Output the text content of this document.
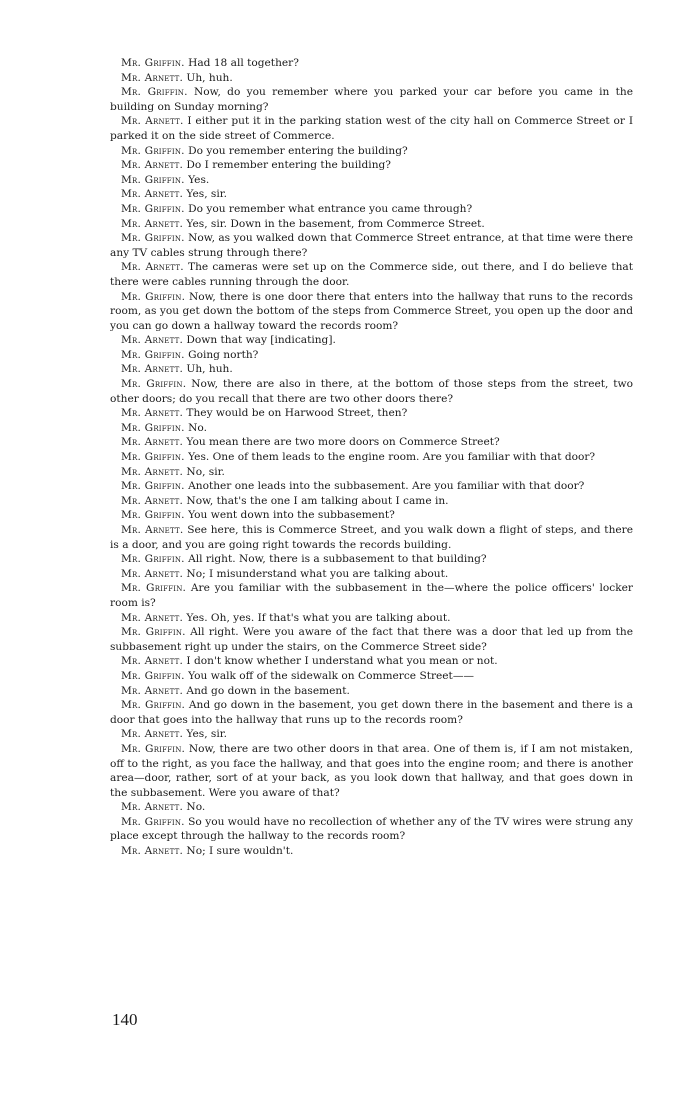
Mr. Griffin. Had 18 all together?

Mr. Arnett. Uh, huh.

Mr. Griffin. Now, do you remember where you parked your car before you came in the building on Sunday morning?

Mr. Arnett. I either put it in the parking station west of the city hall on Commerce Street or I parked it on the side street of Commerce.

Mr. Griffin. Do you remember entering the building?

Mr. Arnett. Do I remember entering the building?

Mr. Griffin. Yes.

Mr. Arnett. Yes, sir.

Mr. Griffin. Do you remember what entrance you came through?

Mr. Arnett. Yes, sir. Down in the basement, from Commerce Street.

Mr. Griffin. Now, as you walked down that Commerce Street entrance, at that time were there any TV cables strung through there?

Mr. Arnett. The cameras were set up on the Commerce side, out there, and I do believe that there were cables running through the door.

Mr. Griffin. Now, there is one door there that enters into the hallway that runs to the records room, as you get down the bottom of the steps from Commerce Street, you open up the door and you can go down a hallway toward the records room?

Mr. Arnett. Down that way [indicating].

Mr. Griffin. Going north?

Mr. Arnett. Uh, huh.

Mr. Griffin. Now, there are also in there, at the bottom of those steps from the street, two other doors; do you recall that there are two other doors there?

Mr. Arnett. They would be on Harwood Street, then?

Mr. Griffin. No.

Mr. Arnett. You mean there are two more doors on Commerce Street?

Mr. Griffin. Yes. One of them leads to the engine room. Are you familiar with that door?

Mr. Arnett. No, sir.

Mr. Griffin. Another one leads into the subbasement. Are you familiar with that door?

Mr. Arnett. Now, that's the one I am talking about I came in.

Mr. Griffin. You went down into the subbasement?

Mr. Arnett. See here, this is Commerce Street, and you walk down a flight of steps, and there is a door, and you are going right towards the records building.

Mr. Griffin. All right. Now, there is a subbasement to that building?

Mr. Arnett. No; I misunderstand what you are talking about.

Mr. Griffin. Are you familiar with the subbasement in the—where the police officers' locker room is?

Mr. Arnett. Yes. Oh, yes. If that's what you are talking about.

Mr. Griffin. All right. Were you aware of the fact that there was a door that led up from the subbasement right up under the stairs, on the Commerce Street side?

Mr. Arnett. I don't know whether I understand what you mean or not.

Mr. Griffin. You walk off of the sidewalk on Commerce Street——

Mr. Arnett. And go down in the basement.

Mr. Griffin. And go down in the basement, you get down there in the basement and there is a door that goes into the hallway that runs up to the records room?

Mr. Arnett. Yes, sir.

Mr. Griffin. Now, there are two other doors in that area. One of them is, if I am not mistaken, off to the right, as you face the hallway, and that goes into the engine room; and there is another area—door, rather, sort of at your back, as you look down that hallway, and that goes down in the subbasement. Were you aware of that?

Mr. Arnett. No.

Mr. Griffin. So you would have no recollection of whether any of the TV wires were strung any place except through the hallway to the records room?

Mr. Arnett. No; I sure wouldn't.

140
